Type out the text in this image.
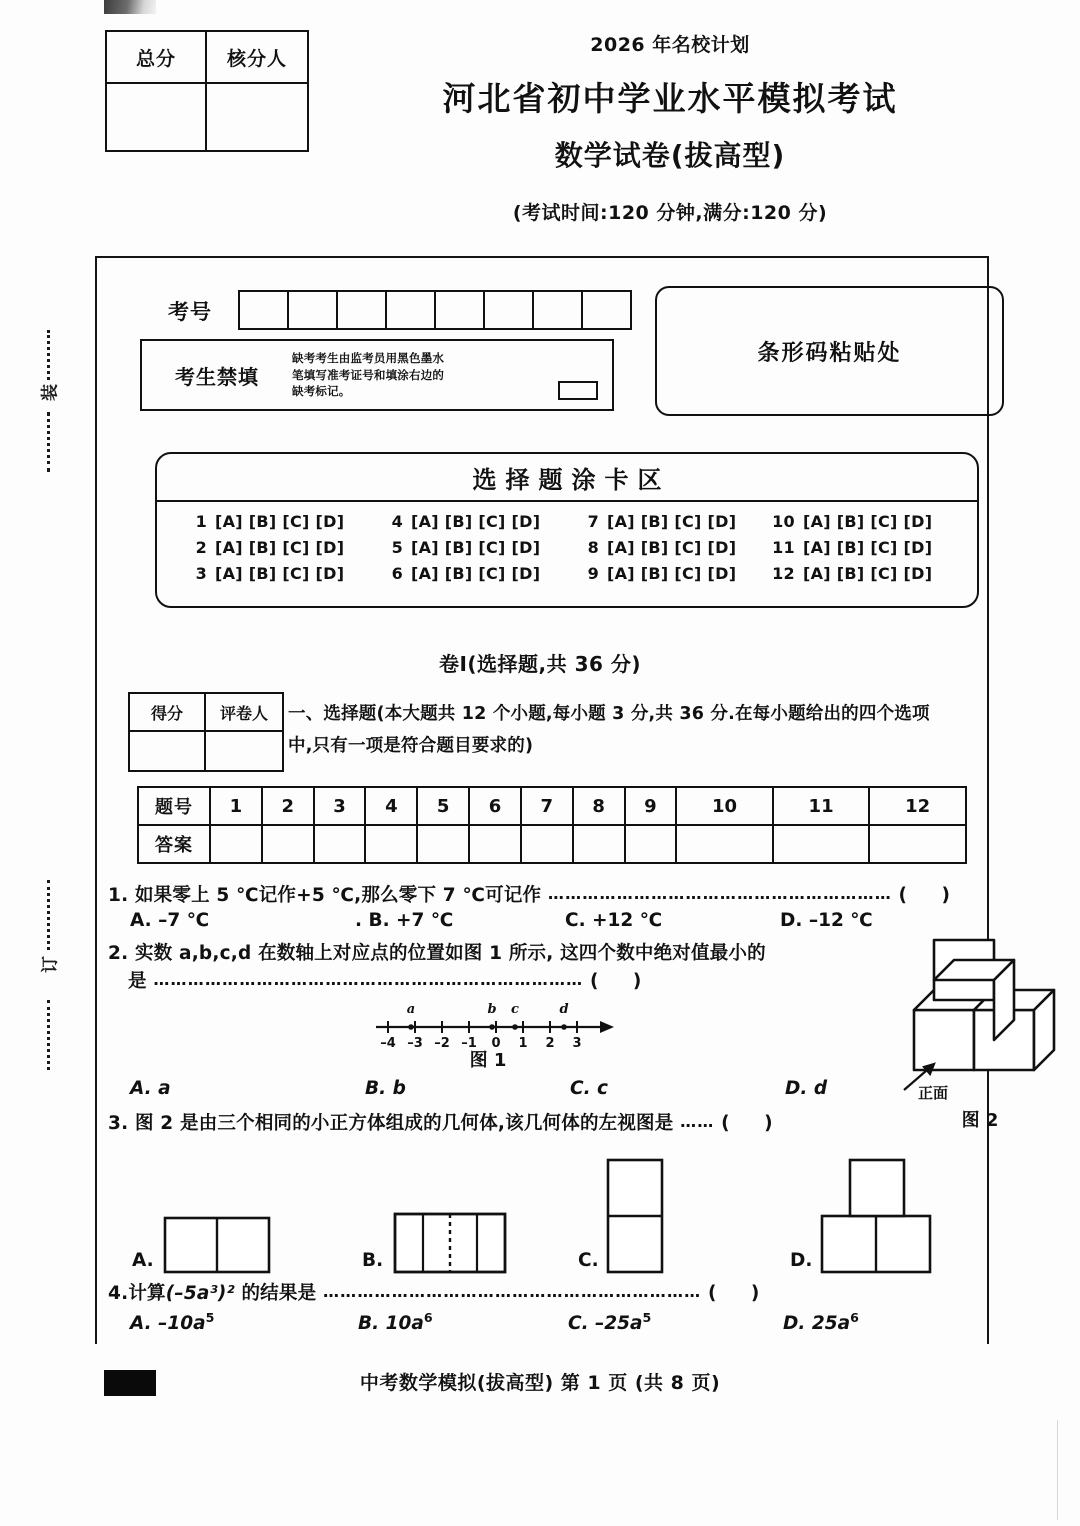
总分	核分人
2026 年名校计划
河北省初中学业水平模拟考试
数学试卷(拔高型)
(考试时间:120 分钟,满分:120 分)
装
订
考号
考生禁填
缺考考生由监考员用黑色墨水
笔填写准考证号和填涂右边的
缺考标记。
条形码粘贴处
选择题涂卡区
1 [A] [B] [C] [D]	4 [A] [B] [C] [D]	7 [A] [B] [C] [D]	10 [A] [B] [C] [D]
2 [A] [B] [C] [D]	5 [A] [B] [C] [D]	8 [A] [B] [C] [D]	11 [A] [B] [C] [D]
3 [A] [B] [C] [D]	6 [A] [B] [C] [D]	9 [A] [B] [C] [D]	12 [A] [B] [C] [D]
卷Ⅰ(选择题,共 36 分)
得分	评卷人	一、选择题(本大题共 12 个小题,每小题 3 分,共 36 分.在每小题给出的四个选项
中,只有一项是符合题目要求的)
题号	1	2	3	4	5	6	7	8	9	10	11	12
答案												
1. 如果零上 5 ℃记作+5 ℃,那么零下 7 ℃可记作 …………………………………………………… ( )
A. –7 ℃	. B. +7 ℃	C. +12 ℃	D. –12 ℃
2. 实数 a,b,c,d 在数轴上对应点的位置如图 1 所示, 这四个数中绝对值最小的
是 ………………………………………………………………… ( )
a	b c	d
–4 –3 –2 –1 0 1 2 3
图 1
正面
图 2
A. a	B. b	C. c	D. d
3. 图 2 是由三个相同的小正方体组成的几何体,该几何体的左视图是 …… ( )
A.	B.	C.	D.
4.计算(–5a³)² 的结果是 ………………………………………………………… ( )
A. $-10a^5$	B. $10a^6$	C. $-25a^5$	D. $25a^6$
中考数学模拟(拔高型) 第 1 页 (共 8 页)
